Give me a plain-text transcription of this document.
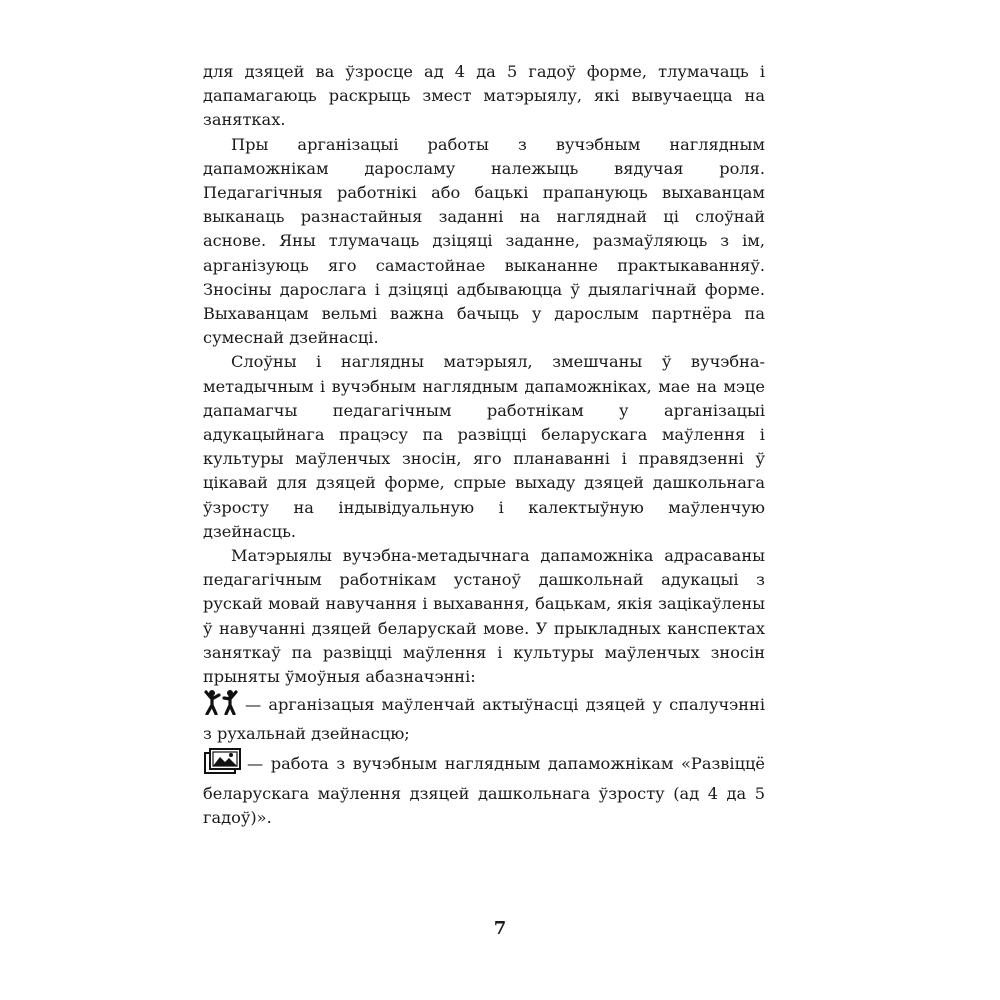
для дзяцей ва ўзросце ад 4 да 5 гадоў форме, тлумачаць і дапамагаюць раскрыць змест матэрыялу, які вывучаецца на занятках.

Пры арганізацыі работы з вучэбным наглядным дапаможнікам дарослaму належыць вядучая роля. Педагагічныя работнікі або бацькі прапануюць выхаванцам выканаць разнастайныя заданні на нагляднай ці слоўнай аснове. Яны тлумачаць дзіцяці заданне, размаўляюць з ім, арганізуюць яго самастойнае выкананне практыкаванняў. Зносіны дарослага і дзіцяці адбываюцца ў дыялагічнай форме. Выхаванцам вельмі важна бачыць у дарослым партнёра па сумеснай дзейнасці.

Слоўны і наглядны матэрыял, змешчаны ў вучэбна-метадычным і вучэбным наглядным дапаможніках, мае на мэце дапамагчы педагагічным работнікам у арганізацыі адукацыйнага працэсу па развіцці беларускага маўлення і культуры маўленчых зносін, яго планаванні і правядзенні ў цікавай для дзяцей форме, спрые выхаду дзяцей дашкольнага ўзросту на індывідуальную і калектыўную маўленчую дзейнасць.

Матэрыялы вучэбна-метадычнага дапаможніка адрасаваны педагагічным работнікам устаноў дашкольнай адукацыі з рускай мовай навучання і выхавання, бацькам, якія зацікаўлены ў навучанні дзяцей беларускай мове. У прыкладных канспектах заняткаў па развіцці маўлення і культуры маўленчых зносін прыняты ўмоўныя абазначэнні:

— арганізацыя маўленчай актыўнасці дзяцей у спалучэнні з рухальнай дзейнасцю;

— работа з вучэбным наглядным дапаможнікам «Развіццё беларускага маўлення дзяцей дашкольнага ўзросту (ад 4 да 5 гадоў)».

7
